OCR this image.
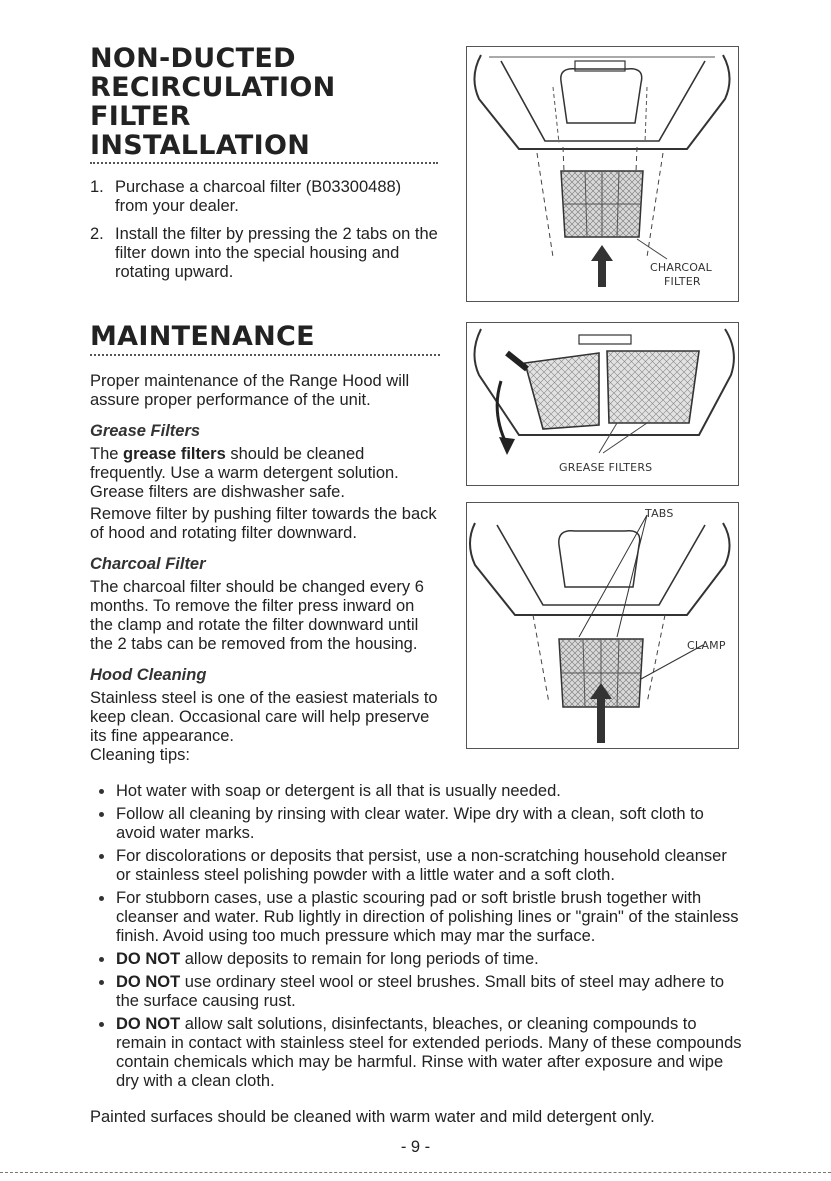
NON-DUCTED
RECIRCULATION FILTER
INSTALLATION
1. Purchase a charcoal filter (B03300488) from your dealer.
2. Install the filter by pressing the 2 tabs on the filter down into the special housing and rotating upward.	CHARCOAL
FILTER
MAINTENANCE

Proper maintenance of the Range Hood will assure proper performance of the unit.

Grease Filters

The grease filters should be cleaned frequently. Use a warm detergent solution. Grease filters are dishwasher safe.

Remove filter by pushing filter towards the back of hood and rotating filter downward.

Charcoal Filter

The charcoal filter should be changed every 6 months. To remove the filter press inward on the clamp and rotate the filter downward until the 2 tabs can be removed from the housing.

Hood Cleaning

Stainless steel is one of the easiest materials to keep clean. Occasional care will help preserve its fine appearance.

Cleaning tips:

GREASE FILTERS
TABS
CLAMP
Hot water with soap or detergent is all that is usually needed.
Follow all cleaning by rinsing with clear water. Wipe dry with a clean, soft cloth to avoid water marks.
For discolorations or deposits that persist, use a non-scratching household cleanser or stainless steel polishing powder with a little water and a soft cloth.
For stubborn cases, use a plastic scouring pad or soft bristle brush together with cleanser and water. Rub lightly in direction of polishing lines or "grain" of the stainless finish. Avoid using too much pressure which may mar the surface.
DO NOT allow deposits to remain for long periods of time.
DO NOT use ordinary steel wool or steel brushes. Small bits of steel may adhere to the surface causing rust.
DO NOT allow salt solutions, disinfectants, bleaches, or cleaning compounds to remain in contact with stainless steel for extended periods. Many of these compounds contain chemicals which may be harmful. Rinse with water after exposure and wipe dry with a clean cloth.

Painted surfaces should be cleaned with warm water and mild detergent only.

- 9 -
